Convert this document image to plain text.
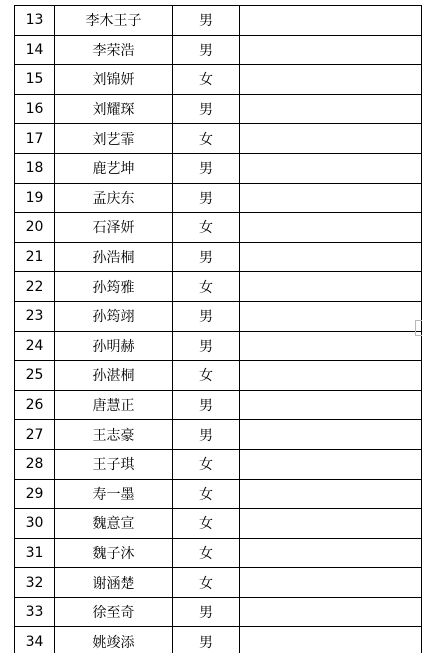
13	李木王子	男	
14	李荣浩	男	
15	刘锦妍	女	
16	刘耀琛	男	
17	刘艺霏	女	
18	鹿艺坤	男	
19	孟庆东	男	
20	石泽妍	女	
21	孙浩桐	男	
22	孙筠雅	女	
23	孙筠翊	男	
24	孙明赫	男	
25	孙湛桐	女	
26	唐慧正	男	
27	王志豪	男	
28	王子琪	女	
29	寿一墨	女	
30	魏意宣	女	
31	魏子沐	女	
32	谢涵楚	女	
33	徐至奇	男	
34	姚竣添	男	
